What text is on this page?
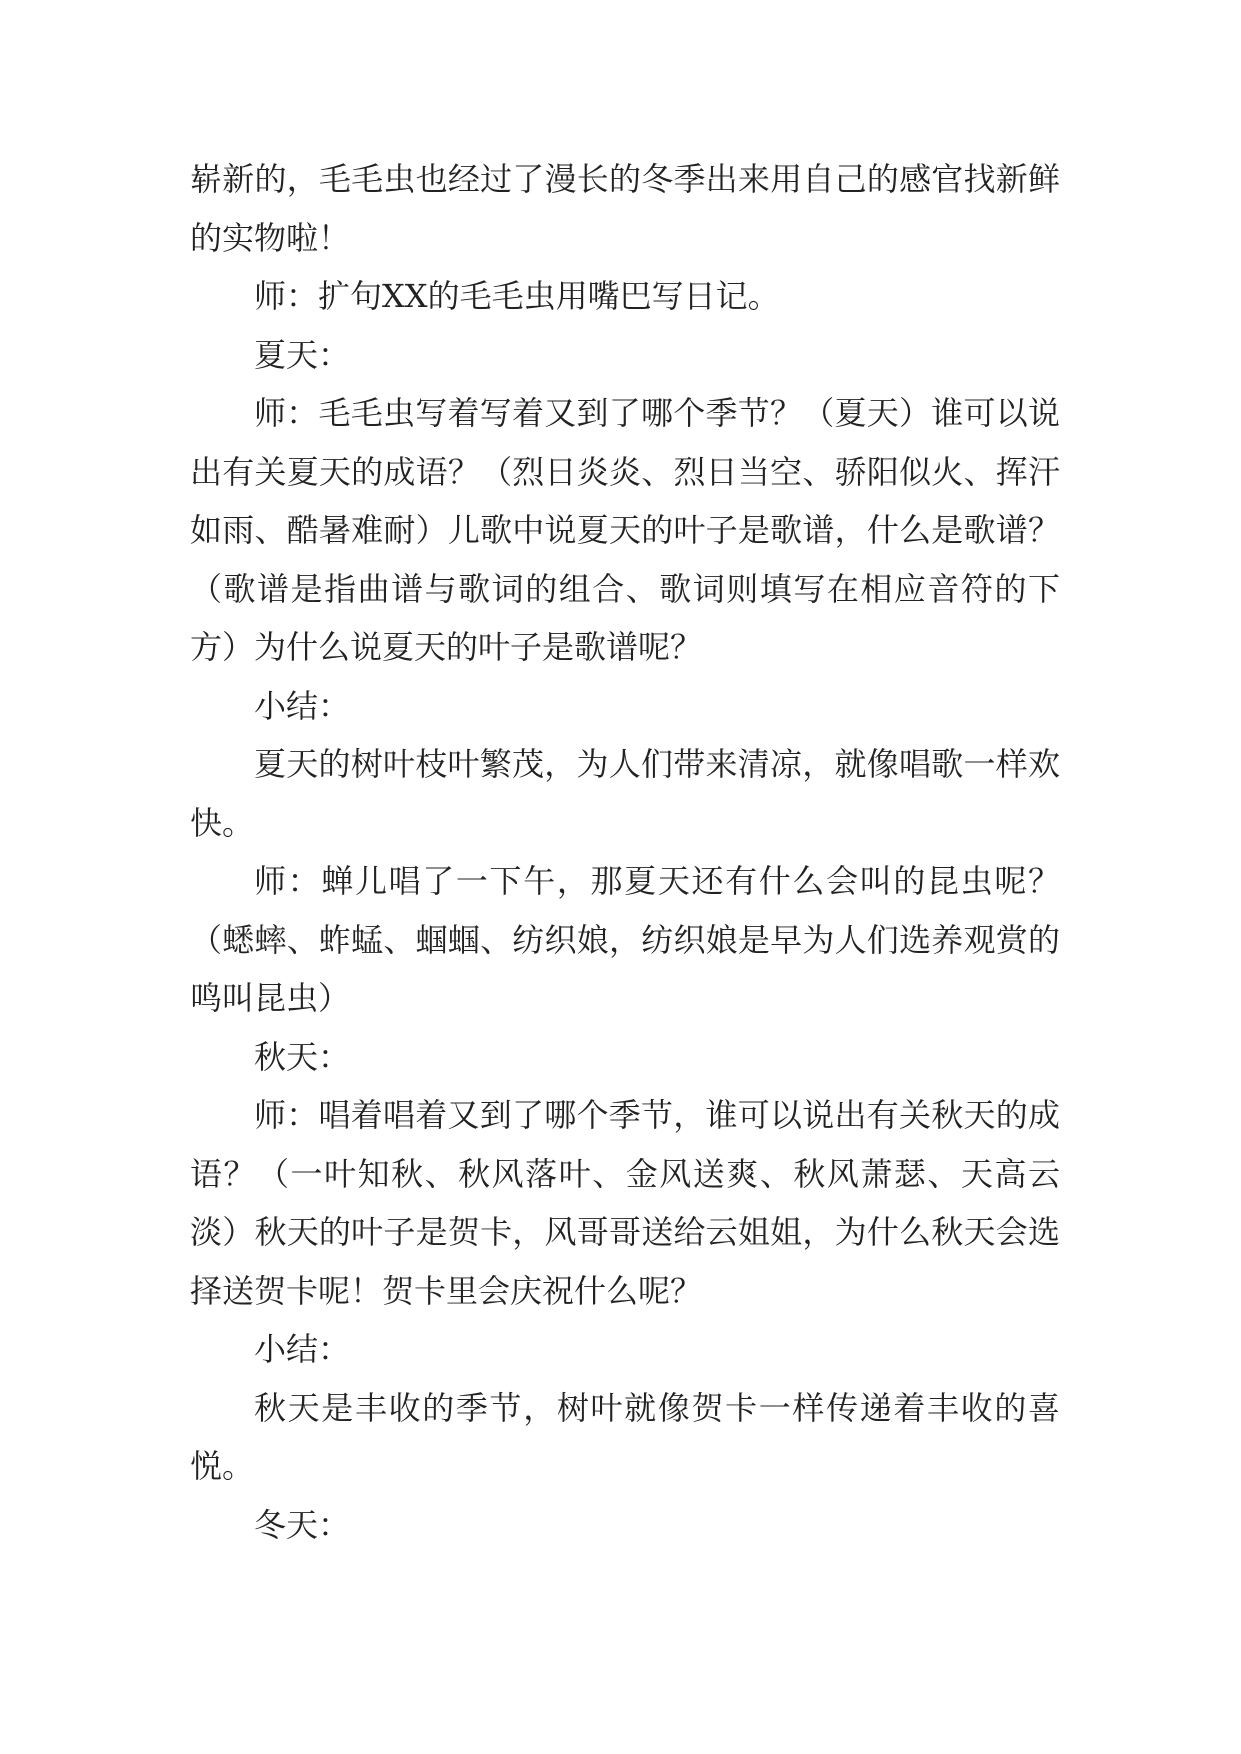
崭新的，毛毛虫也经过了漫长的冬季出来用自己的感官找新鲜的实物啦！

师：扩句XX的毛毛虫用嘴巴写日记。

夏天：

师：毛毛虫写着写着又到了哪个季节？（夏天）谁可以说出有关夏天的成语？（烈日炎炎、烈日当空、骄阳似火、挥汗如雨、酷暑难耐）儿歌中说夏天的叶子是歌谱，什么是歌谱？（歌谱是指曲谱与歌词的组合、歌词则填写在相应音符的下方）为什么说夏天的叶子是歌谱呢？

小结：

夏天的树叶枝叶繁茂，为人们带来清凉，就像唱歌一样欢快。

师：蝉儿唱了一下午，那夏天还有什么会叫的昆虫呢？（蟋蟀、蚱蜢、蝈蝈、纺织娘，纺织娘是早为人们选养观赏的鸣叫昆虫）

秋天：

师：唱着唱着又到了哪个季节，谁可以说出有关秋天的成语？（一叶知秋、秋风落叶、金风送爽、秋风萧瑟、天高云淡）秋天的叶子是贺卡，风哥哥送给云姐姐，为什么秋天会选择送贺卡呢！贺卡里会庆祝什么呢？

小结：

秋天是丰收的季节，树叶就像贺卡一样传递着丰收的喜悦。

冬天：
